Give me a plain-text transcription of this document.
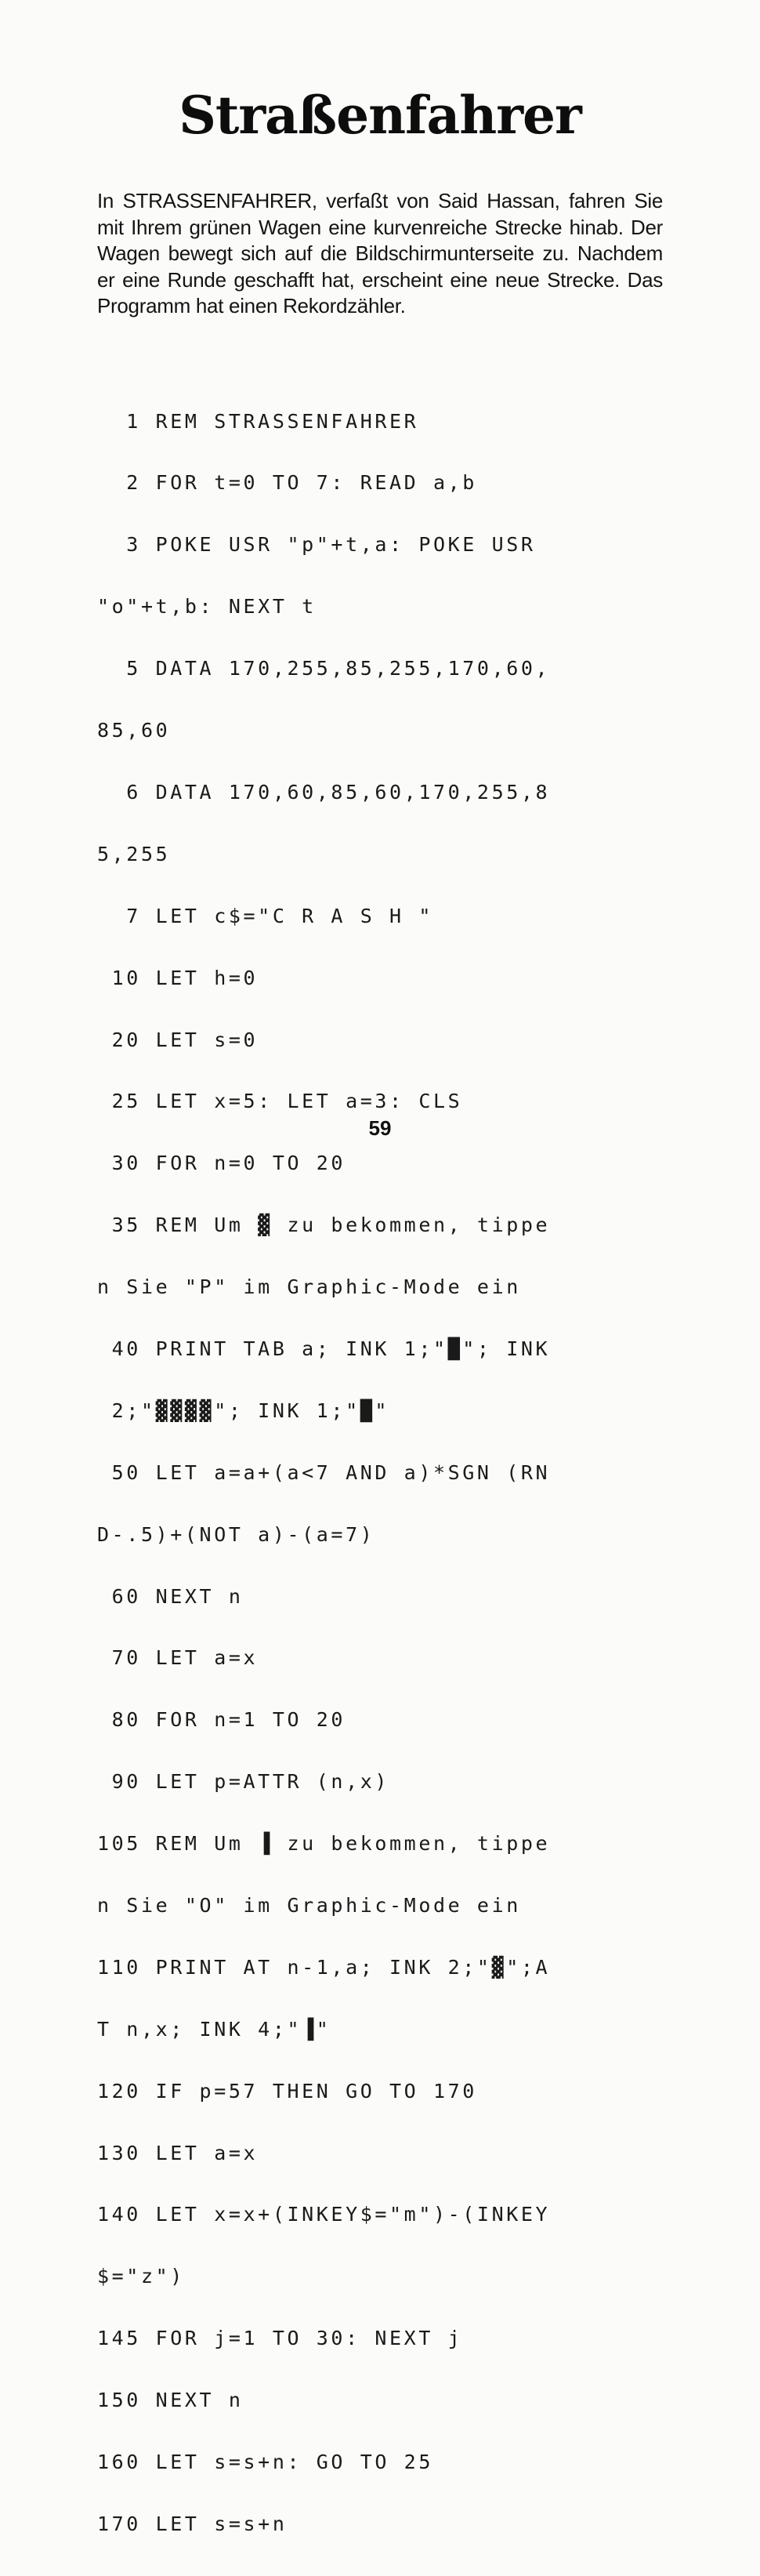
Straßenfahrer

In STRASSENFAHRER, verfaßt von Said Hassan, fahren Sie mit Ihrem grünen Wagen eine kurvenreiche Strecke hinab. Der Wagen bewegt sich auf die Bildschirmunterseite zu. Nachdem er eine Runde geschafft hat, erscheint eine neue Strecke. Das Programm hat einen Rekordzähler.

1 REM STRASSENFAHRER

2 FOR t=0 TO 7: READ a,b

3 POKE USR "p"+t,a: POKE USR

"o"+t,b: NEXT t

5 DATA 170,255,85,255,170,60,

85,60

6 DATA 170,60,85,60,170,255,8

5,255

7 LET c$="C R A S H "

10 LET h=0

20 LET s=0

25 LET x=5: LET a=3: CLS

30 FOR n=0 TO 20

35 REM Um ▓ zu bekommen, tippe

n Sie "P" im Graphic-Mode ein

40 PRINT TAB a; INK 1;"█"; INK

2;"▓▓▓▓"; INK 1;"█"

50 LET a=a+(a<7 AND a)*SGN (RN

D-.5)+(NOT a)-(a=7)

60 NEXT n

70 LET a=x

80 FOR n=1 TO 20

90 LET p=ATTR (n,x)

105 REM Um ▐ zu bekommen, tippe

n Sie "O" im Graphic-Mode ein

110 PRINT AT n-1,a; INK 2;"▓";A

T n,x; INK 4;"▐"

120 IF p=57 THEN GO TO 170

130 LET a=x

140 LET x=x+(INKEY$="m")-(INKEY

$="z")

145 FOR j=1 TO 30: NEXT j

150 NEXT n

160 LET s=s+n: GO TO 25

170 LET s=s+n

59
